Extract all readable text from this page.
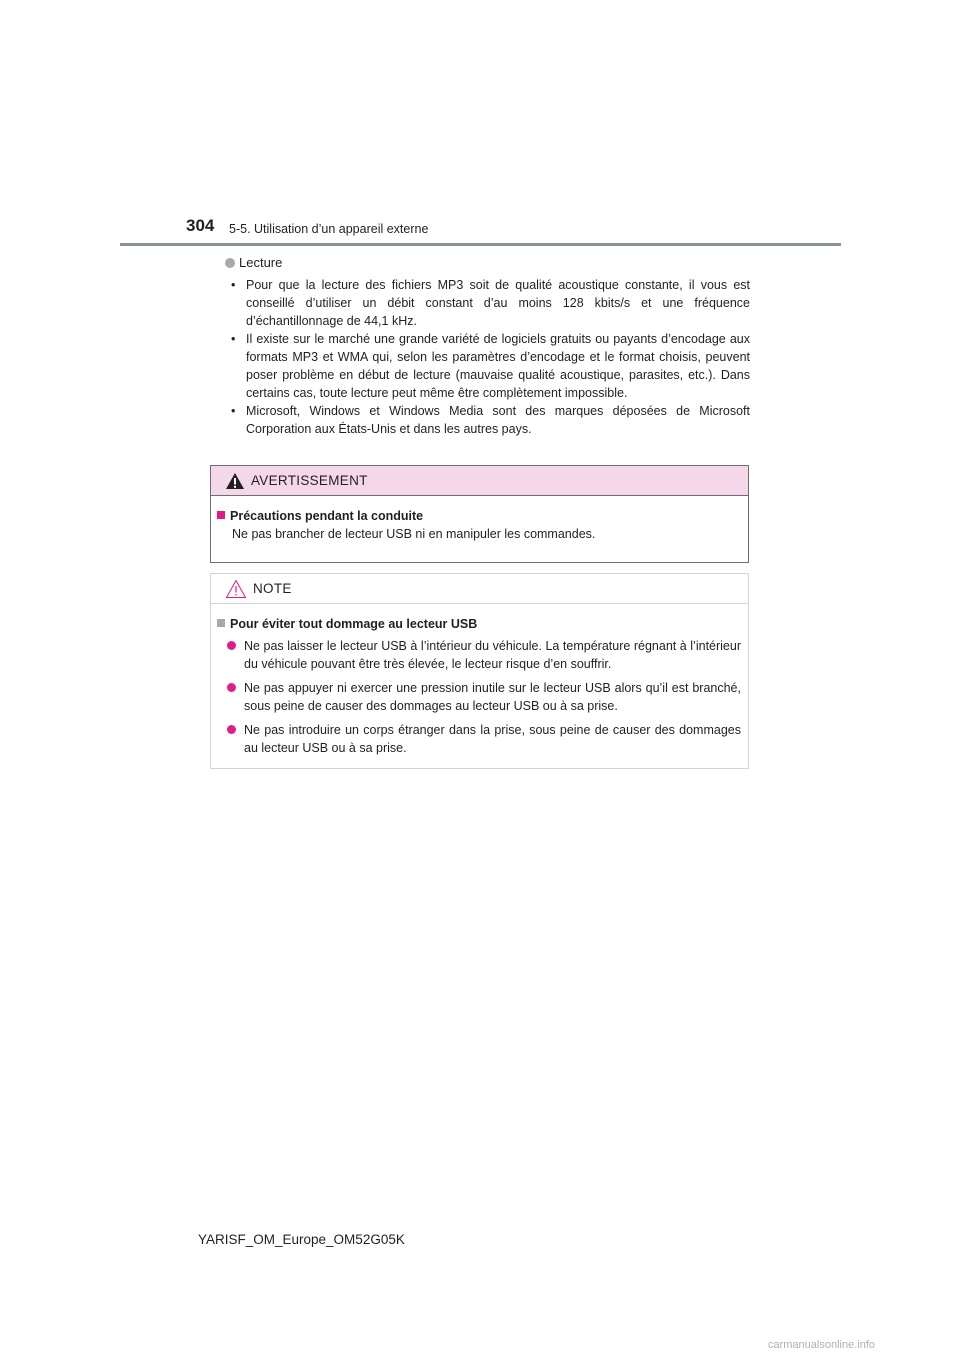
304 5-5. Utilisation d’un appareil externe
Lecture
• Pour que la lecture des fichiers MP3 soit de qualité acoustique constante, il vous est conseillé d’utiliser un débit constant d’au moins 128 kbits/s et une fréquence d’échantillonnage de 44,1 kHz.
• Il existe sur le marché une grande variété de logiciels gratuits ou payants d’encodage aux formats MP3 et WMA qui, selon les paramètres d’encodage et le format choisis, peuvent poser problème en début de lecture (mauvaise qualité acoustique, parasites, etc.). Dans certains cas, toute lecture peut même être complètement impossible.
• Microsoft, Windows et Windows Media sont des marques déposées de Microsoft Corporation aux États-Unis et dans les autres pays.
AVERTISSEMENT
Précautions pendant la conduite
Ne pas brancher de lecteur USB ni en manipuler les commandes.
NOTE
Pour éviter tout dommage au lecteur USB
Ne pas laisser le lecteur USB à l’intérieur du véhicule. La température régnant à l’intérieur du véhicule pouvant être très élevée, le lecteur risque d’en souffrir.
Ne pas appuyer ni exercer une pression inutile sur le lecteur USB alors qu’il est branché, sous peine de causer des dommages au lecteur USB ou à sa prise.
Ne pas introduire un corps étranger dans la prise, sous peine de causer des dommages au lecteur USB ou à sa prise.
YARISF_OM_Europe_OM52G05K
carmanualsonline.info
